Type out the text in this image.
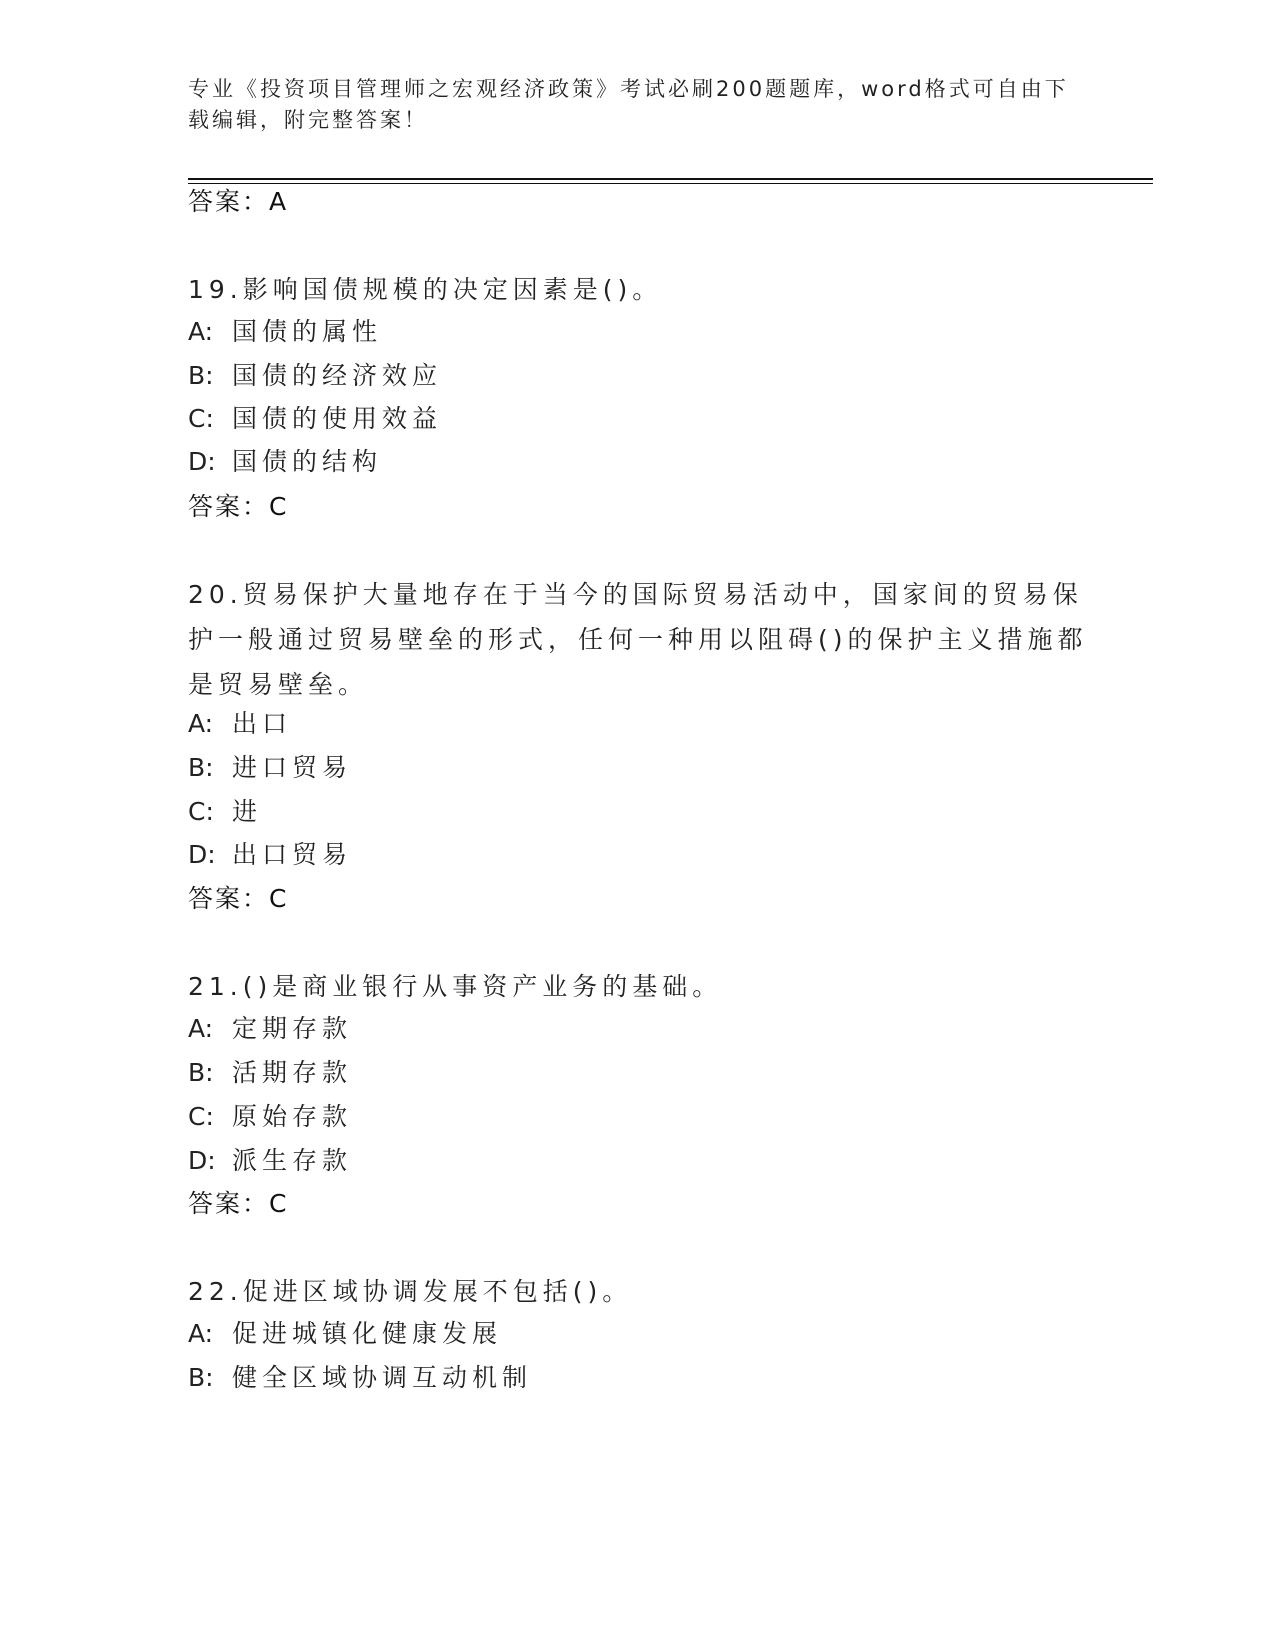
专业《投资项目管理师之宏观经济政策》考试必刷200题题库，word格式可自由下载编辑，附完整答案！
答案：A
19.影响国债规模的决定因素是()。
A: 国债的属性
B: 国债的经济效应
C: 国债的使用效益
D: 国债的结构
答案：C
20.贸易保护大量地存在于当今的国际贸易活动中，国家间的贸易保护一般通过贸易壁垒的形式，任何一种用以阻碍()的保护主义措施都是贸易壁垒。
A: 出口
B: 进口贸易
C: 进
D: 出口贸易
答案：C
21.()是商业银行从事资产业务的基础。
A: 定期存款
B: 活期存款
C: 原始存款
D: 派生存款
答案：C
22.促进区域协调发展不包括()。
A: 促进城镇化健康发展
B: 健全区域协调互动机制
